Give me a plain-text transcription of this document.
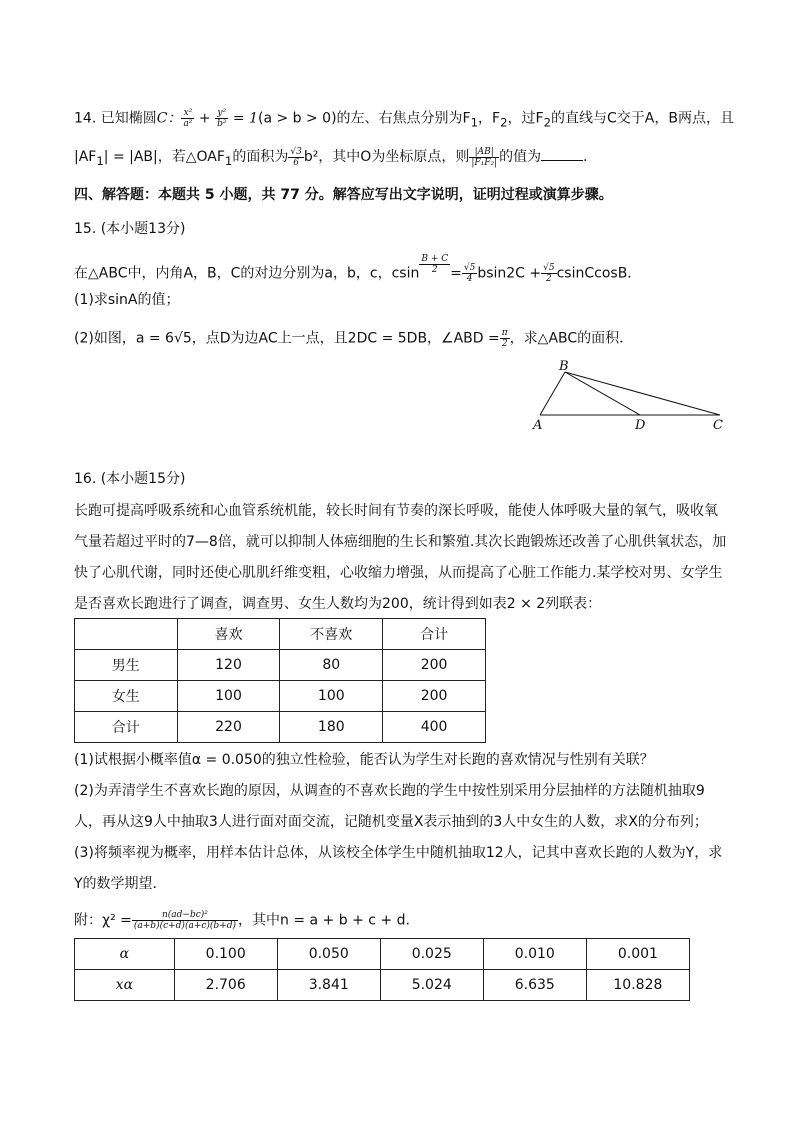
14. 已知椭圆C： $\frac{\text{x²}}{\text{a²}} + \frac{\text{y²}}{\text{b²}} = 1(a > b > 0)$的左、右焦点分别为$F_1$，$F_2$，过$F_2$的直线与C交于A，B两点，且
$|AF_1| = |AB|$，若$\triangle OAF_1$的面积为 $\frac{√3}{6} b^2$，其中O为坐标原点，则 $\frac{|AB|}{\text{|F₁F₂|}}$ 的值为	．
四、解答题：本题共 5 小题，共 77 分。解答应写出文字说明，证明过程或演算步骤。
15. (本小题13分)
在△ABC中，内角A，B，C的对边分别为a，b，c，csin $^{\frac{B + C}{2}} = \frac{√5}{4} bsin2C + \frac{√5}{2}$ csinCcosB．
(1)求sinA的值；
(2)如图，a = 6√5，点D为边AC上一点，且2DC = 5DB，∠ABD = $\frac{\pi}{2}$ ，求△ABC的面积．
A
B
D	C
16. (本小题15分)
长跑可提高呼吸系统和心血管系统机能，较长时间有节奏的深长呼吸，能使人体呼吸大量的氧气，吸收氧
气量若超过平时的7—8倍，就可以抑制人体癌细胞的生长和繁殖.其次长跑锻炼还改善了心肌供氧状态，加
快了心肌代谢，同时还使心肌肌纤维变粗，心收缩力增强，从而提高了心脏工作能力.某学校对男、女学生
是否喜欢长跑进行了调查，调查男、女生人数均为200，统计得到如表2 × 2列联表：
	喜欢	不喜欢	合计
男生	120	80	200
女生	100	100	200
合计	220	180	400
(1)试根据小概率值α = 0.050的独立性检验，能否认为学生对长跑的喜欢情况与性别有关联？
(2)为弄清学生不喜欢长跑的原因，从调查的不喜欢长跑的学生中按性别采用分层抽样的方法随机抽取9
人，再从这9人中抽取3人进行面对面交流，记随机变量X表示抽到的3人中女生的人数，求X的分布列；
(3)将频率视为概率，用样本估计总体，从该校全体学生中随机抽取12人，记其中喜欢长跑的人数为Y，求
Y的数学期望．
附：$\chi^2 = \frac{\text{n(ad−bc)²}}{(a+b)(c+d)(a+c)(b+d)}$ ，其中n = a + b + c + d．
α	0.100	0.050	0.025	0.010	0.001
xα	2.706	3.841	5.024	6.635	10.828
